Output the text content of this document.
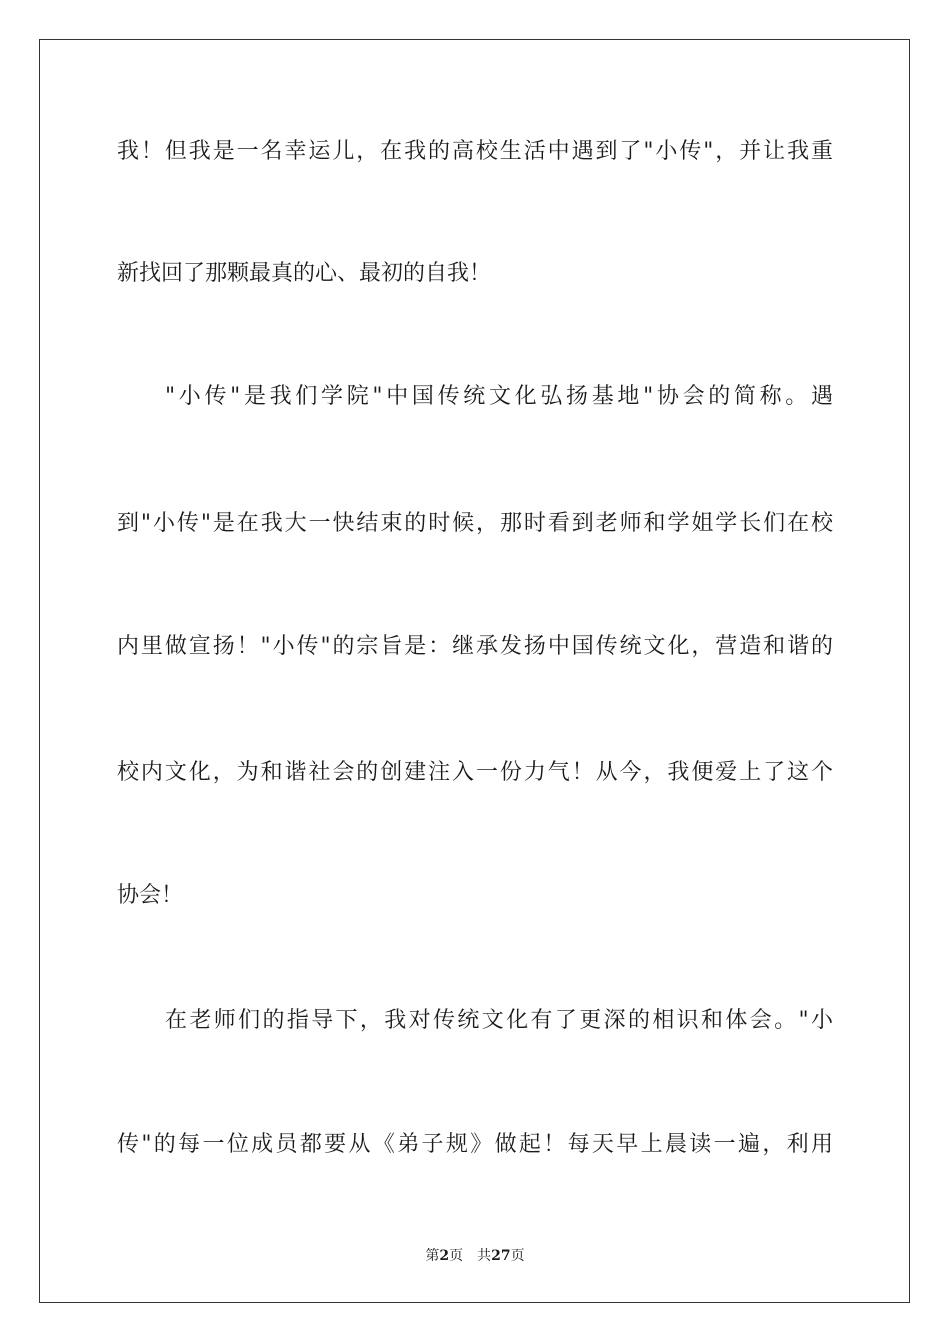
我！但我是一名幸运儿，在我的高校生活中遇到了"小传"，并让我重
新找回了那颗最真的心、最初的自我！
"小传"是我们学院"中国传统文化弘扬基地"协会的简称。遇
到"小传"是在我大一快结束的时候，那时看到老师和学姐学长们在校
内里做宣扬！"小传"的宗旨是：继承发扬中国传统文化，营造和谐的
校内文化，为和谐社会的创建注入一份力气！从今，我便爱上了这个
协会！
在老师们的指导下，我对传统文化有了更深的相识和体会。"小
传"的每一位成员都要从《弟子规》做起！每天早上晨读一遍，利用
第2页 共27页
